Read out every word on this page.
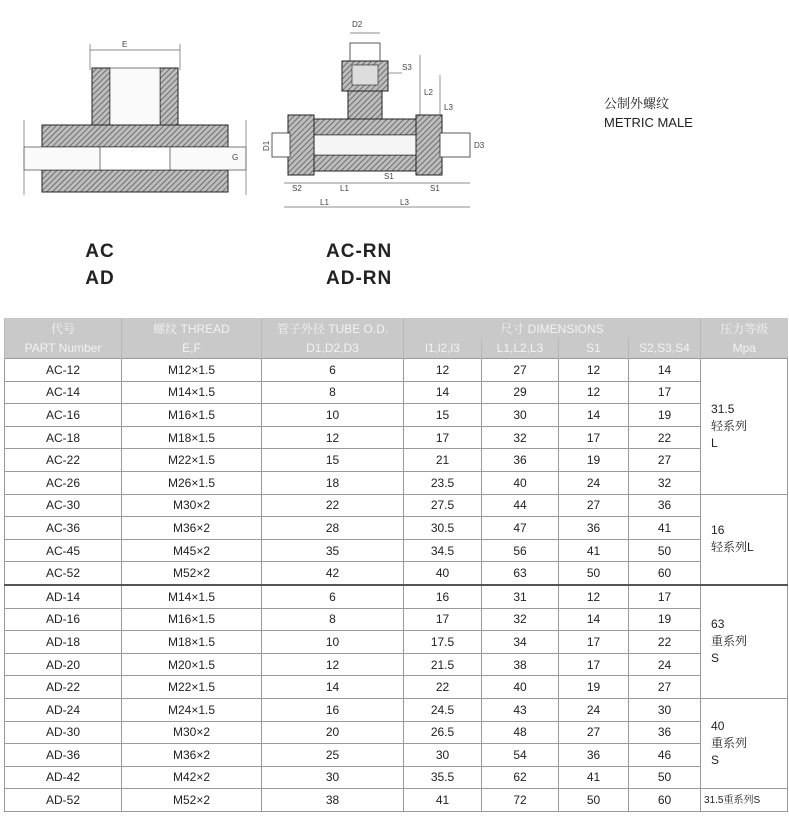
E
G
D2
S3
L2
L3
D3
D1
S2	L1
S1
L1	L3
S1
AC
AD
AC-RN
AD-RN
公制外螺纹
METRIC MALE
代号	螺纹 THREAD	管子外径 TUBE O.D.	尺寸 DIMENSIONS				压力等级
PART Number	E,F	D1,D2,D3	l1,l2,l3	L1,L2,L3	S1	S2,S3,S4	Mpa
AC-12	M12×1.5	6	12	27	12	14	31.5
轻系列
L

AC-14	M14×1.5	8	14	29	12	17	
AC-16	M16×1.5	10	15	30	14	19	
AC-18	M18×1.5	12	17	32	17	22	
AC-22	M22×1.5	15	21	36	19	27	
AC-26	M26×1.5	18	23.5	40	24	32	
AC-30	M30×2	22	27.5	44	27	36	16
轻系列L

AC-36	M36×2	28	30.5	47	36	41	
AC-45	M45×2	35	34.5	56	41	50	
AC-52	M52×2	42	40	63	50	60	
AD-14	M14×1.5	6	16	31	12	17	63
重系列
S

AD-16	M16×1.5	8	17	32	14	19	
AD-18	M18×1.5	10	17.5	34	17	22	
AD-20	M20×1.5	12	21.5	38	17	24	
AD-22	M22×1.5	14	22	40	19	27	
AD-24	M24×1.5	16	24.5	43	24	30	40
重系列
S

AD-30	M30×2	20	26.5	48	27	36	
AD-36	M36×2	25	30	54	36	46	
AD-42	M42×2	30	35.5	62	41	50	
AD-52	M52×2	38	41	72	50	60	31.5重系列S
